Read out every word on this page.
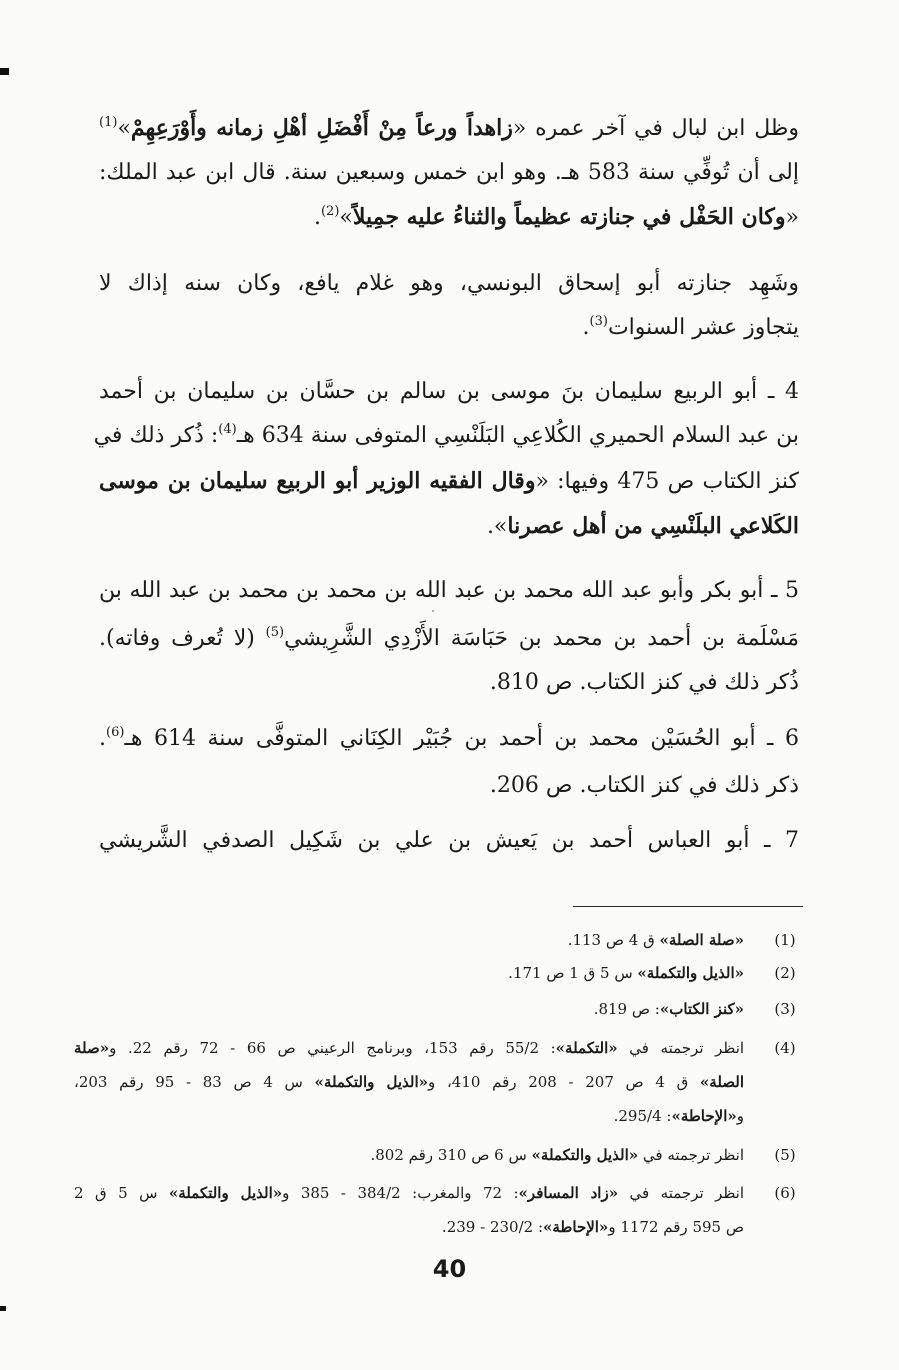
وظل ابن لبال في آخر عمره «زاهداً ورعاً مِنْ أَفْضَلِ أهْلِ زمانه وأَوْرَعِهِمْ»$^{(1)}$
إلى أن تُوفِّي سنة 583 هـ. وهو ابن خمس وسبعين سنة. قال ابن عبد الملك:
«وكان الحَفْل في جنازته عظيماً والثناءُ عليه جمِيلاً»$^{(2)}$.
وشَهِد جنازته أبو إسحاق البونسي، وهو غلام يافع، وكان سنه إذاك لا
يتجاوز عشر السنوات$^{(3)}$.
4 ـ أبو الربيع سليمان بنَ موسى بن سالم بن حسَّان بن سليمان بن أحمد
بن عبد السلام الحميري الكُلاعِي البَلَنْسِي المتوفى سنة 634 هـ$^{(4)}$: ذُكر ذلك في
كنز الكتاب ص 475 وفيها: «وقال الفقيه الوزير أبو الربيع سليمان بن موسى
الكَلاعي البلَنْسِي من أهل عصرنا».
5 ـ أبو بكر وأبو عبد الله محمد بن عبد الله بن محمد بن محمد بن عبد الله بن
مَسْلَمة بن أحمد بن محمد بن حَبَاسَة الأَزْدِي الشَّرِيشي$^{(5)}$ (لا تُعرف وفاته).
ذُكر ذلك في كنز الكتاب. ص 810.
6 ـ أبو الحُسَيْن محمد بن أحمد بن جُبَيْر الكِنَاني المتوفَّى سنة 614 هـ$^{(6)}$.
ذكر ذلك في كنز الكتاب. ص 206.
7 ـ أبو العباس أحمد بن يَعيش بن علي بن شَكِيل الصدفي الشَّريشي
(1)
«صلة الصلة» ق 4 ص 113.
(2)
«الذيل والتكملة» س 5 ق 1 ص 171.
(3)
«كنز الكتاب»: ص 819.
(4)
انظر ترجمته في «التكملة»: 55/2 رقم 153، وبرنامج الرعيني ص 66 - 72 رقم 22. و«صلة
الصلة» ق 4 ص 207 - 208 رقم 410، و«الذيل والتكملة» س 4 ص 83 - 95 رقم 203،
و«الإحاطة»: 295/4.
(5)
انظر ترجمته في «الذيل والتكملة» س 6 ص 310 رقم 802.
(6)
انظر ترجمته في «زاد المسافر»: 72 والمغرب: 384/2 - 385 و«الذيل والتكملة» س 5 ق 2
ص 595 رقم 1172 و«الإحاطة»: 230/2 - 239.
40
